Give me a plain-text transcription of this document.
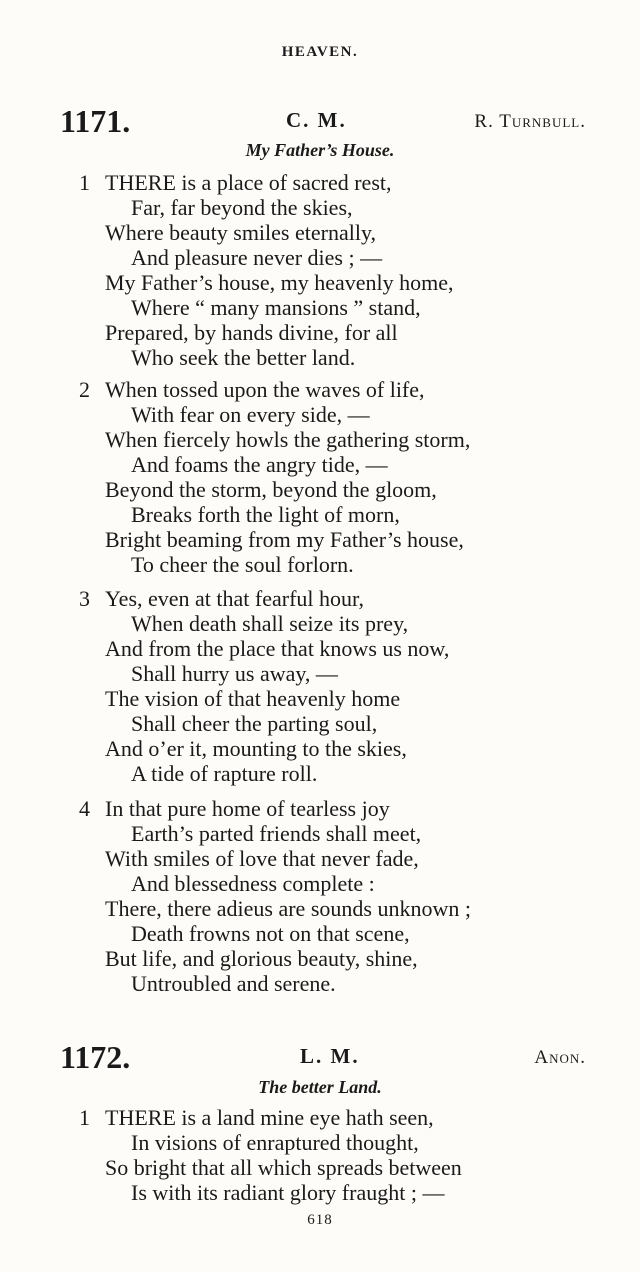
HEAVEN.
1171.	C. M.	R. Turnbull.
My Father’s House.
1 THERE is a place of sacred rest,
Far, far beyond the skies,
Where beauty smiles eternally,
And pleasure never dies ; —
My Father’s house, my heavenly home,
Where “ many mansions ” stand,
Prepared, by hands divine, for all
Who seek the better land.
2 When tossed upon the waves of life,
With fear on every side, —
When fiercely howls the gathering storm,
And foams the angry tide, —
Beyond the storm, beyond the gloom,
Breaks forth the light of morn,
Bright beaming from my Father’s house,
To cheer the soul forlorn.
3 Yes, even at that fearful hour,
When death shall seize its prey,
And from the place that knows us now,
Shall hurry us away, —
The vision of that heavenly home
Shall cheer the parting soul,
And o’er it, mounting to the skies,
A tide of rapture roll.
4 In that pure home of tearless joy
Earth’s parted friends shall meet,
With smiles of love that never fade,
And blessedness complete :
There, there adieus are sounds unknown ;
Death frowns not on that scene,
But life, and glorious beauty, shine,
Untroubled and serene.
1172.	L. M.	Anon.
The better Land.
1 THERE is a land mine eye hath seen,
In visions of enraptured thought,
So bright that all which spreads between
Is with its radiant glory fraught ; —
618
